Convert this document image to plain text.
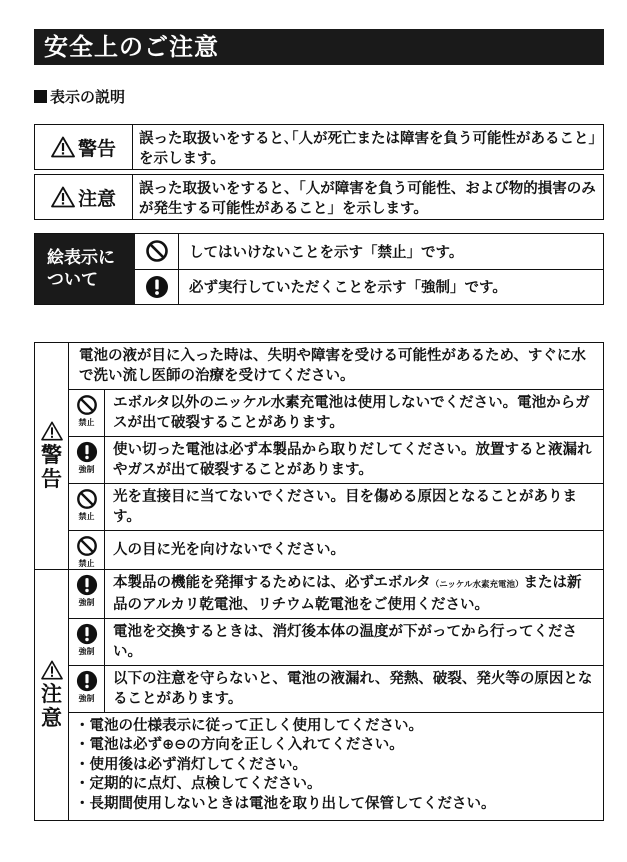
安全上のご注意
表示の説明
警告	誤った取扱いをすると､｢人が死亡または障害を負う可能性があること｣を示します。
注意	誤った取扱いをすると、「人が障害を負う可能性、および物的損害のみが発生する可能性があること」を示します。
絵表示に
ついて
してはいけないことを示す「禁止」です。
必ず実行していただくことを示す「強制」です。
警
告
電池の液が目に入った時は、失明や障害を受ける可能性があるため、すぐに水で洗い流し医師の治療を受けてください。
禁止
エボルタ以外のニッケル水素充電池は使用しないでください。電池からガスが出て破裂することがあります。
強制
使い切った電池は必ず本製品から取りだしてください。放置すると液漏れやガスが出て破裂することがあります。
禁止
光を直接目に当てないでください。目を傷める原因となることがあります。
禁止
人の目に光を向けないでください。
注
意
強制
本製品の機能を発揮するためには、必ずエボルタ（ニッケル水素充電池）または新品のアルカリ乾電池、リチウム乾電池をご使用ください。
強制
電池を交換するときは、消灯後本体の温度が下がってから行ってください。
強制
以下の注意を守らないと、電池の液漏れ、発熱、破裂、発火等の原因となることがあります。
・ 電池の仕様表示に従って正しく使用してください。
・ 電池は必ず⊕⊖の方向を正しく入れてください。
・ 使用後は必ず消灯してください。
・ 定期的に点灯、点検してください。
・ 長期間使用しないときは電池を取り出して保管してください。
